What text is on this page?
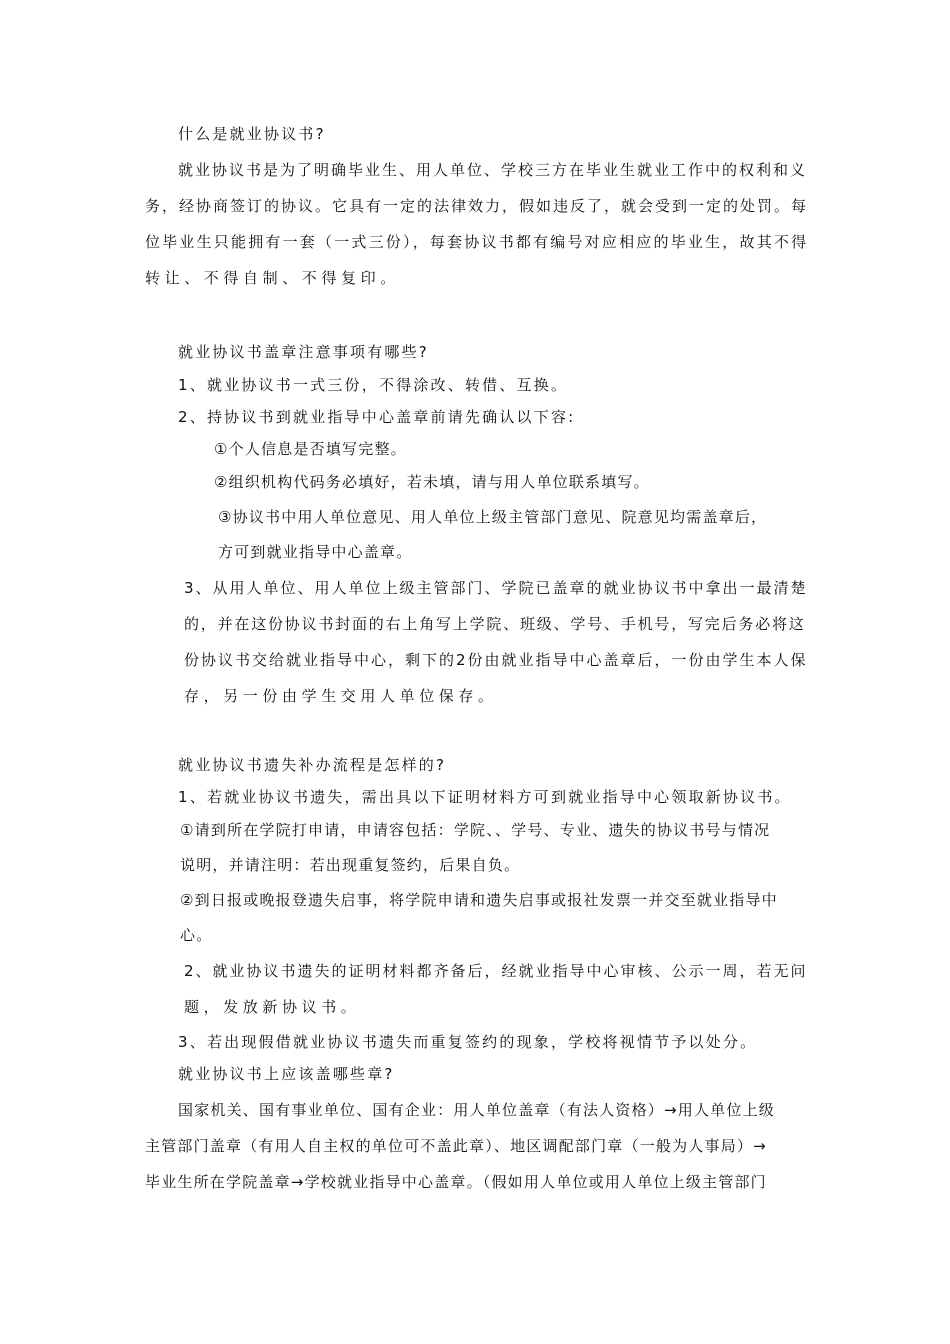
什么是就业协议书?
就业协议书是为了明确毕业生、用人单位、学校三方在毕业生就业工作中的权利和义
务，经协商签订的协议。它具有一定的法律效力，假如违反了，就会受到一定的处罚。每
位毕业生只能拥有一套（一式三份），每套协议书都有编号对应相应的毕业生，故其不得
转让、不得自制、不得复印。
就业协议书盖章注意事项有哪些?
1、就业协议书一式三份，不得涂改、转借、互换。
2、持协议书到就业指导中心盖章前请先确认以下容:
①个人信息是否填写完整。
②组织机构代码务必填好，若未填，请与用人单位联系填写。
③协议书中用人单位意见、用人单位上级主管部门意见、院意见均需盖章后，
方可到就业指导中心盖章。
3、从用人单位、用人单位上级主管部门、学院已盖章的就业协议书中拿出一最清楚
的，并在这份协议书封面的右上角写上学院、班级、学号、手机号，写完后务必将这
份协议书交给就业指导中心，剩下的2份由就业指导中心盖章后，一份由学生本人保
存，另一份由学生交用人单位保存。
就业协议书遗失补办流程是怎样的?
1、若就业协议书遗失，需出具以下证明材料方可到就业指导中心领取新协议书。
①请到所在学院打申请，申请容包括：学院、、学号、专业、遗失的协议书号与情况
说明，并请注明：若出现重复签约，后果自负。
②到日报或晚报登遗失启事，将学院申请和遗失启事或报社发票一并交至就业指导中
心。
2、就业协议书遗失的证明材料都齐备后，经就业指导中心审核、公示一周，若无问
题，发放新协议书。
3、若出现假借就业协议书遗失而重复签约的现象，学校将视情节予以处分。
就业协议书上应该盖哪些章?
国家机关、国有事业单位、国有企业：用人单位盖章（有法人资格）→用人单位上级
主管部门盖章（有用人自主权的单位可不盖此章）、地区调配部门章（一般为人事局）→
毕业生所在学院盖章→学校就业指导中心盖章。（假如用人单位或用人单位上级主管部门
